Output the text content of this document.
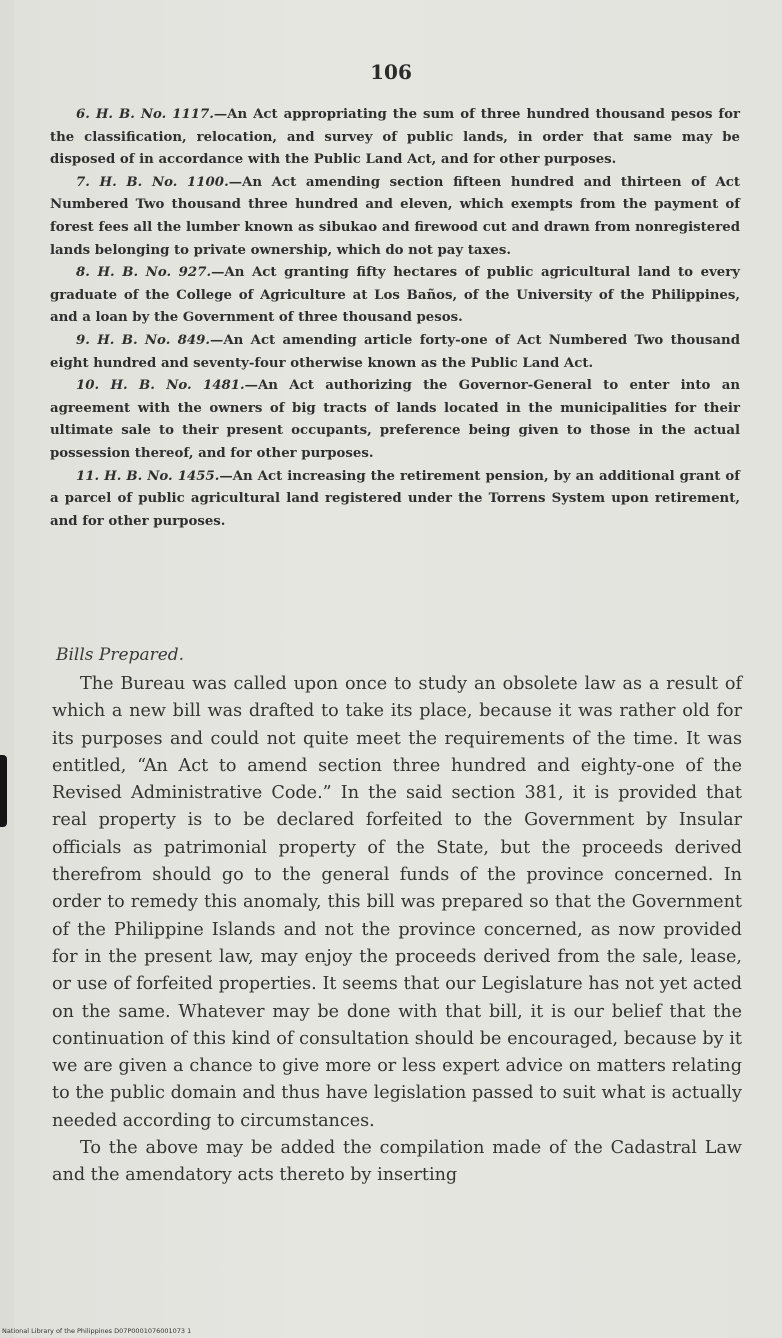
106

6. H. B. No. 1117.—An Act appropriating the sum of three hundred thousand pesos for the classification, relocation, and survey of public lands, in order that same may be disposed of in accordance with the Public Land Act, and for other purposes.

7. H. B. No. 1100.—An Act amending section fifteen hundred and thirteen of Act Numbered Two thousand three hundred and eleven, which exempts from the payment of forest fees all the lumber known as sibukao and firewood cut and drawn from nonregistered lands belonging to private ownership, which do not pay taxes.

8. H. B. No. 927.—An Act granting fifty hectares of public agricultural land to every graduate of the College of Agriculture at Los Baños, of the University of the Philippines, and a loan by the Government of three thousand pesos.

9. H. B. No. 849.—An Act amending article forty-one of Act Numbered Two thousand eight hundred and seventy-four otherwise known as the Public Land Act.

10. H. B. No. 1481.—An Act authorizing the Governor-General to enter into an agreement with the owners of big tracts of lands located in the municipalities for their ultimate sale to their present occupants, preference being given to those in the actual possession thereof, and for other purposes.

11. H. B. No. 1455.—An Act increasing the retirement pension, by an additional grant of a parcel of public agricultural land registered under the Torrens System upon retirement, and for other purposes.

Bills Prepared.

The Bureau was called upon once to study an obsolete law as a result of which a new bill was drafted to take its place, because it was rather old for its purposes and could not quite meet the requirements of the time. It was entitled, “An Act to amend section three hundred and eighty-one of the Revised Administrative Code.” In the said section 381, it is provided that real property is to be declared forfeited to the Government by Insular officials as patrimonial property of the State, but the proceeds derived therefrom should go to the general funds of the province concerned. In order to remedy this anomaly, this bill was prepared so that the Government of the Philippine Islands and not the province concerned, as now provided for in the present law, may enjoy the proceeds derived from the sale, lease, or use of forfeited properties. It seems that our Legislature has not yet acted on the same. Whatever may be done with that bill, it is our belief that the continuation of this kind of consultation should be encouraged, because by it we are given a chance to give more or less expert advice on matters relating to the public domain and thus have legislation passed to suit what is actually needed according to circumstances.

To the above may be added the compilation made of the Cadastral Law and the amendatory acts thereto by inserting

National Library of the Philippines D07P0001076001073 1
